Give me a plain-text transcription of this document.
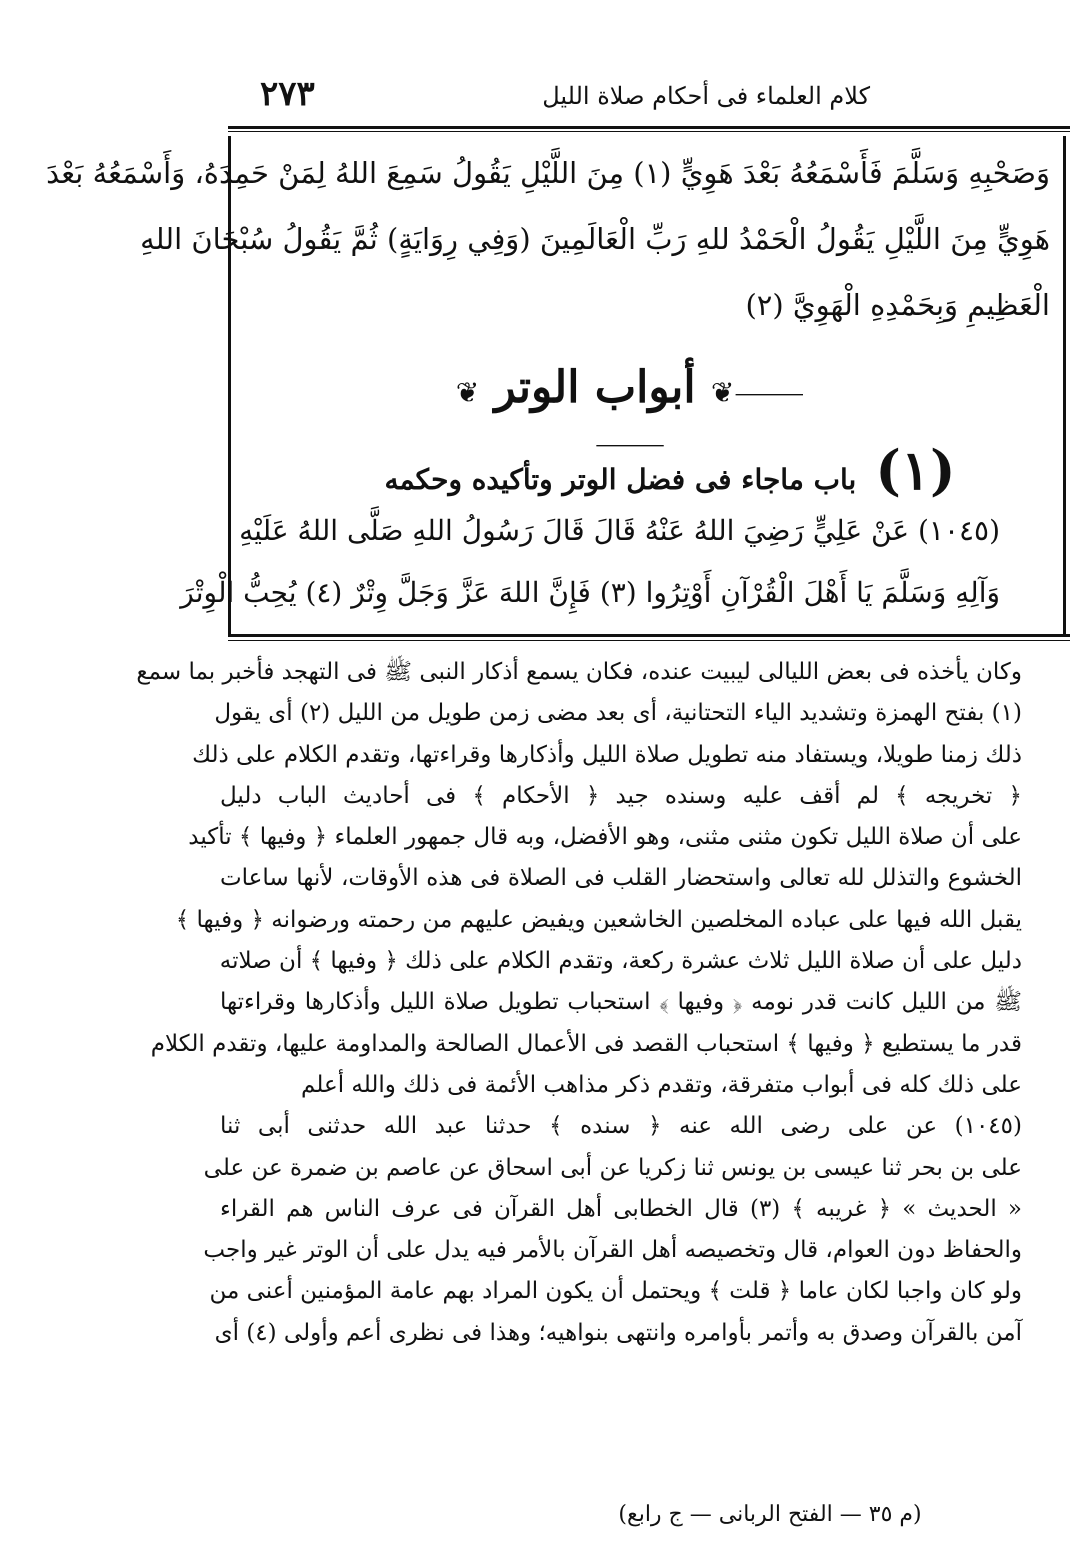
كلام العلماء فى أحكام صلاة الليل
٢٧٣
وَصَحْبِهِ وَسَلَّمَ فَأَسْمَعُهُ بَعْدَ هَوِيٍّ (١) مِنَ اللَّيْلِ يَقُولُ سَمِعَ اللهُ لِمَنْ حَمِدَهُ، وَأَسْمَعُهُ بَعْدَ
هَوِيٍّ مِنَ اللَّيْلِ يَقُولُ الْحَمْدُ للهِ رَبِّ الْعَالَمِينَ (وَفِي رِوَايَةٍ) ثُمَّ يَقُولُ سُبْحَانَ اللهِ
الْعَظِيمِ وَبِحَمْدِهِ الْهَوِيَّ (٢)
⸻❦ أبواب الوتر ❦⸻	(١) باب ماجاء فى فضل الوتر وتأكيده وحكمه
(١٠٤٥) عَنْ عَلِيٍّ رَضِيَ اللهُ عَنْهُ قَالَ قَالَ رَسُولُ اللهِ صَلَّى اللهُ عَلَيْهِ
وَآلِهِ وَسَلَّمَ يَا أَهْلَ الْقُرْآنِ أَوْتِرُوا (٣) فَإِنَّ اللهَ عَزَّ وَجَلَّ وِتْرٌ (٤) يُحِبُّ الْوِتْرَ
وكان يأخذه فى بعض الليالى ليبيت عنده، فكان يسمع أذكار النبى ﷺ فى التهجد فأخبر بما سمع
(١) بفتح الهمزة وتشديد الياء التحتانية، أى بعد مضى زمن طويل من الليل (٢) أى يقول
ذلك زمنا طويلا، ويستفاد منه تطويل صلاة الليل وأذكارها وقراءتها، وتقدم الكلام على ذلك
﴿ تخريجه ﴾ لم أقف عليه وسنده جيد ﴿ الأحكام ﴾ فى أحاديث الباب دليل
على أن صلاة الليل تكون مثنى مثنى، وهو الأفضل، وبه قال جمهور العلماء ﴿ وفيها ﴾ تأكيد
الخشوع والتذلل لله تعالى واستحضار القلب فى الصلاة فى هذه الأوقات، لأنها ساعات
يقبل الله فيها على عباده المخلصين الخاشعين ويفيض عليهم من رحمته ورضوانه ﴿ وفيها ﴾
دليل على أن صلاة الليل ثلاث عشرة ركعة، وتقدم الكلام على ذلك ﴿ وفيها ﴾ أن صلاته
ﷺ من الليل كانت قدر نومه ﴿ وفيها ﴾ استحباب تطويل صلاة الليل وأذكارها وقراءتها
قدر ما يستطيع ﴿ وفيها ﴾ استحباب القصد فى الأعمال الصالحة والمداومة عليها، وتقدم الكلام
على ذلك كله فى أبواب متفرقة، وتقدم ذكر مذاهب الأئمة فى ذلك والله أعلم
(١٠٤٥) عن على رضى الله عنه ﴿ سنده ﴾ حدثنا عبد الله حدثنى أبى ثنا
على بن بحر ثنا عيسى بن يونس ثنا زكريا عن أبى اسحاق عن عاصم بن ضمرة عن على
« الحديث » ﴿ غريبه ﴾ (٣) قال الخطابى أهل القرآن فى عرف الناس هم القراء
والحفاظ دون العوام، قال وتخصيصه أهل القرآن بالأمر فيه يدل على أن الوتر غير واجب
ولو كان واجبا لكان عاما ﴿ قلت ﴾ ويحتمل أن يكون المراد بهم عامة المؤمنين أعنى من
آمن بالقرآن وصدق به وأتمر بأوامره وانتهى بنواهيه؛ وهذا فى نظرى أعم وأولى (٤) أى
(م ٣٥ — الفتح الربانى — ج رابع)
